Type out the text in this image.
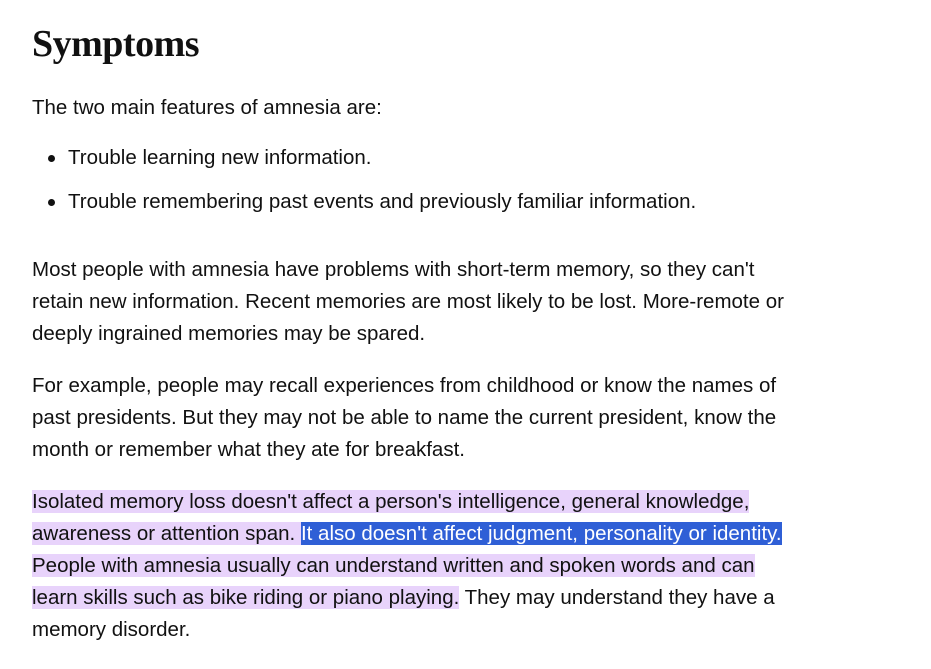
Symptoms

The two main features of amnesia are:

Trouble learning new information.
Trouble remembering past events and previously familiar information.

Most people with amnesia have problems with short-term memory, so they can't retain new information. Recent memories are most likely to be lost. More-remote or deeply ingrained memories may be spared.

For example, people may recall experiences from childhood or know the names of past presidents. But they may not be able to name the current president, know the month or remember what they ate for breakfast.

Isolated memory loss doesn't affect a person's intelligence, general knowledge, awareness or attention span. It also doesn't affect judgment, personality or identity. People with amnesia usually can understand written and spoken words and can learn skills such as bike riding or piano playing. They may understand they have a memory disorder.
